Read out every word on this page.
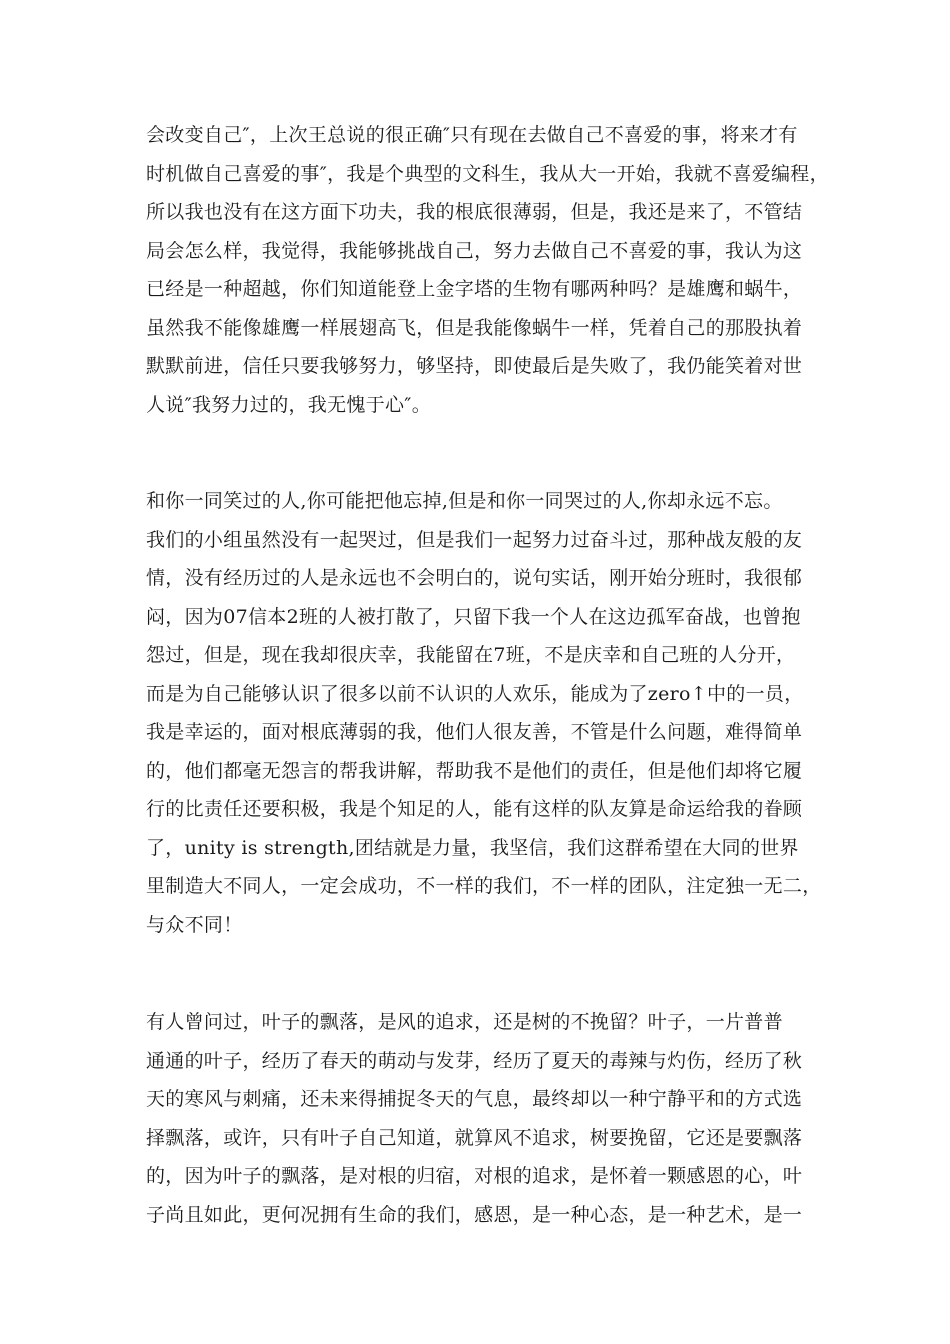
会改变自己″，上次王总说的很正确″只有现在去做自己不喜爱的事，将来才有
时机做自己喜爱的事″，我是个典型的文科生，我从大一开始，我就不喜爱编程，
所以我也没有在这方面下功夫，我的根底很薄弱，但是，我还是来了，不管结
局会怎么样，我觉得，我能够挑战自己，努力去做自己不喜爱的事，我认为这
已经是一种超越，你们知道能登上金字塔的生物有哪两种吗？是雄鹰和蜗牛，
虽然我不能像雄鹰一样展翅高飞，但是我能像蜗牛一样，凭着自己的那股执着
默默前进，信任只要我够努力，够坚持，即使最后是失败了，我仍能笑着对世
人说″我努力过的，我无愧于心″。
和你一同笑过的人,你可能把他忘掉,但是和你一同哭过的人,你却永远不忘。
我们的小组虽然没有一起哭过，但是我们一起努力过奋斗过，那种战友般的友
情，没有经历过的人是永远也不会明白的，说句实话，刚开始分班时，我很郁
闷，因为07信本2班的人被打散了，只留下我一个人在这边孤军奋战，也曾抱
怨过，但是，现在我却很庆幸，我能留在7班，不是庆幸和自己班的人分开，
而是为自己能够认识了很多以前不认识的人欢乐，能成为了zero↑中的一员，
我是幸运的，面对根底薄弱的我，他们人很友善，不管是什么问题，难得简单
的，他们都毫无怨言的帮我讲解，帮助我不是他们的责任，但是他们却将它履
行的比责任还要积极，我是个知足的人，能有这样的队友算是命运给我的眷顾
了，unity is strength,团结就是力量，我坚信，我们这群希望在大同的世界
里制造大不同人，一定会成功，不一样的我们，不一样的团队，注定独一无二，
与众不同！
有人曾问过，叶子的飘落，是风的追求，还是树的不挽留？叶子，一片普普
通通的叶子，经历了春天的萌动与发芽，经历了夏天的毒辣与灼伤，经历了秋
天的寒风与刺痛，还未来得捕捉冬天的气息，最终却以一种宁静平和的方式选
择飘落，或许，只有叶子自己知道，就算风不追求，树要挽留，它还是要飘落
的，因为叶子的飘落，是对根的归宿，对根的追求，是怀着一颗感恩的心，叶
子尚且如此，更何况拥有生命的我们，感恩，是一种心态，是一种艺术，是一
